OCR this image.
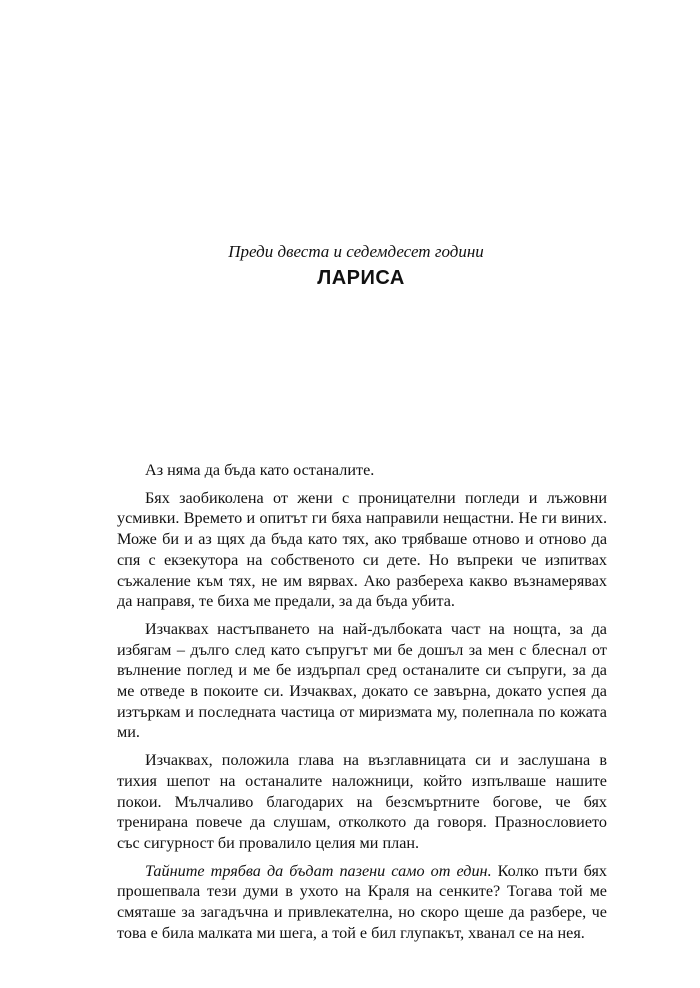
Преди двеста и седемдесет години
ЛАРИСА

Аз няма да бъда като останалите.

Бях заобиколена от жени с проницателни погледи и лъжовни усмивки. Времето и опитът ги бяха направили нещастни. Не ги виних. Може би и аз щях да бъда като тях, ако трябваше отново и отново да спя с екзекутора на собственото си дете. Но въпреки че изпитвах съжаление към тях, не им вярвах. Ако разбереха какво възнамерявах да направя, те биха ме предали, за да бъда убита.

Изчаквах настъпването на най-дълбоката част на нощта, за да избягам – дълго след като съпругът ми бе дошъл за мен с блеснал от вълнение поглед и ме бе издърпал сред останалите си съпруги, за да ме отведе в покоите си. Изчаквах, докато се завърна, докато успея да изтъркам и последната частица от миризмата му, полепнала по кожата ми.

Изчаквах, положила глава на възглавницата си и заслушана в тихия шепот на останалите наложници, който изпълваше нашите покои. Мълчаливо благодарих на безсмъртните богове, че бях тренирана повече да слушам, отколкото да говоря. Празнословието със сигурност би провалило целия ми план.

Тайните трябва да бъдат пазени само от един. Колко пъти бях прошепвала тези думи в ухото на Краля на сенките? Тогава той ме смяташе за загадъчна и привлекателна, но скоро щеше да разбере, че това е била малката ми шега, а той е бил глупакът, хванал се на нея.
